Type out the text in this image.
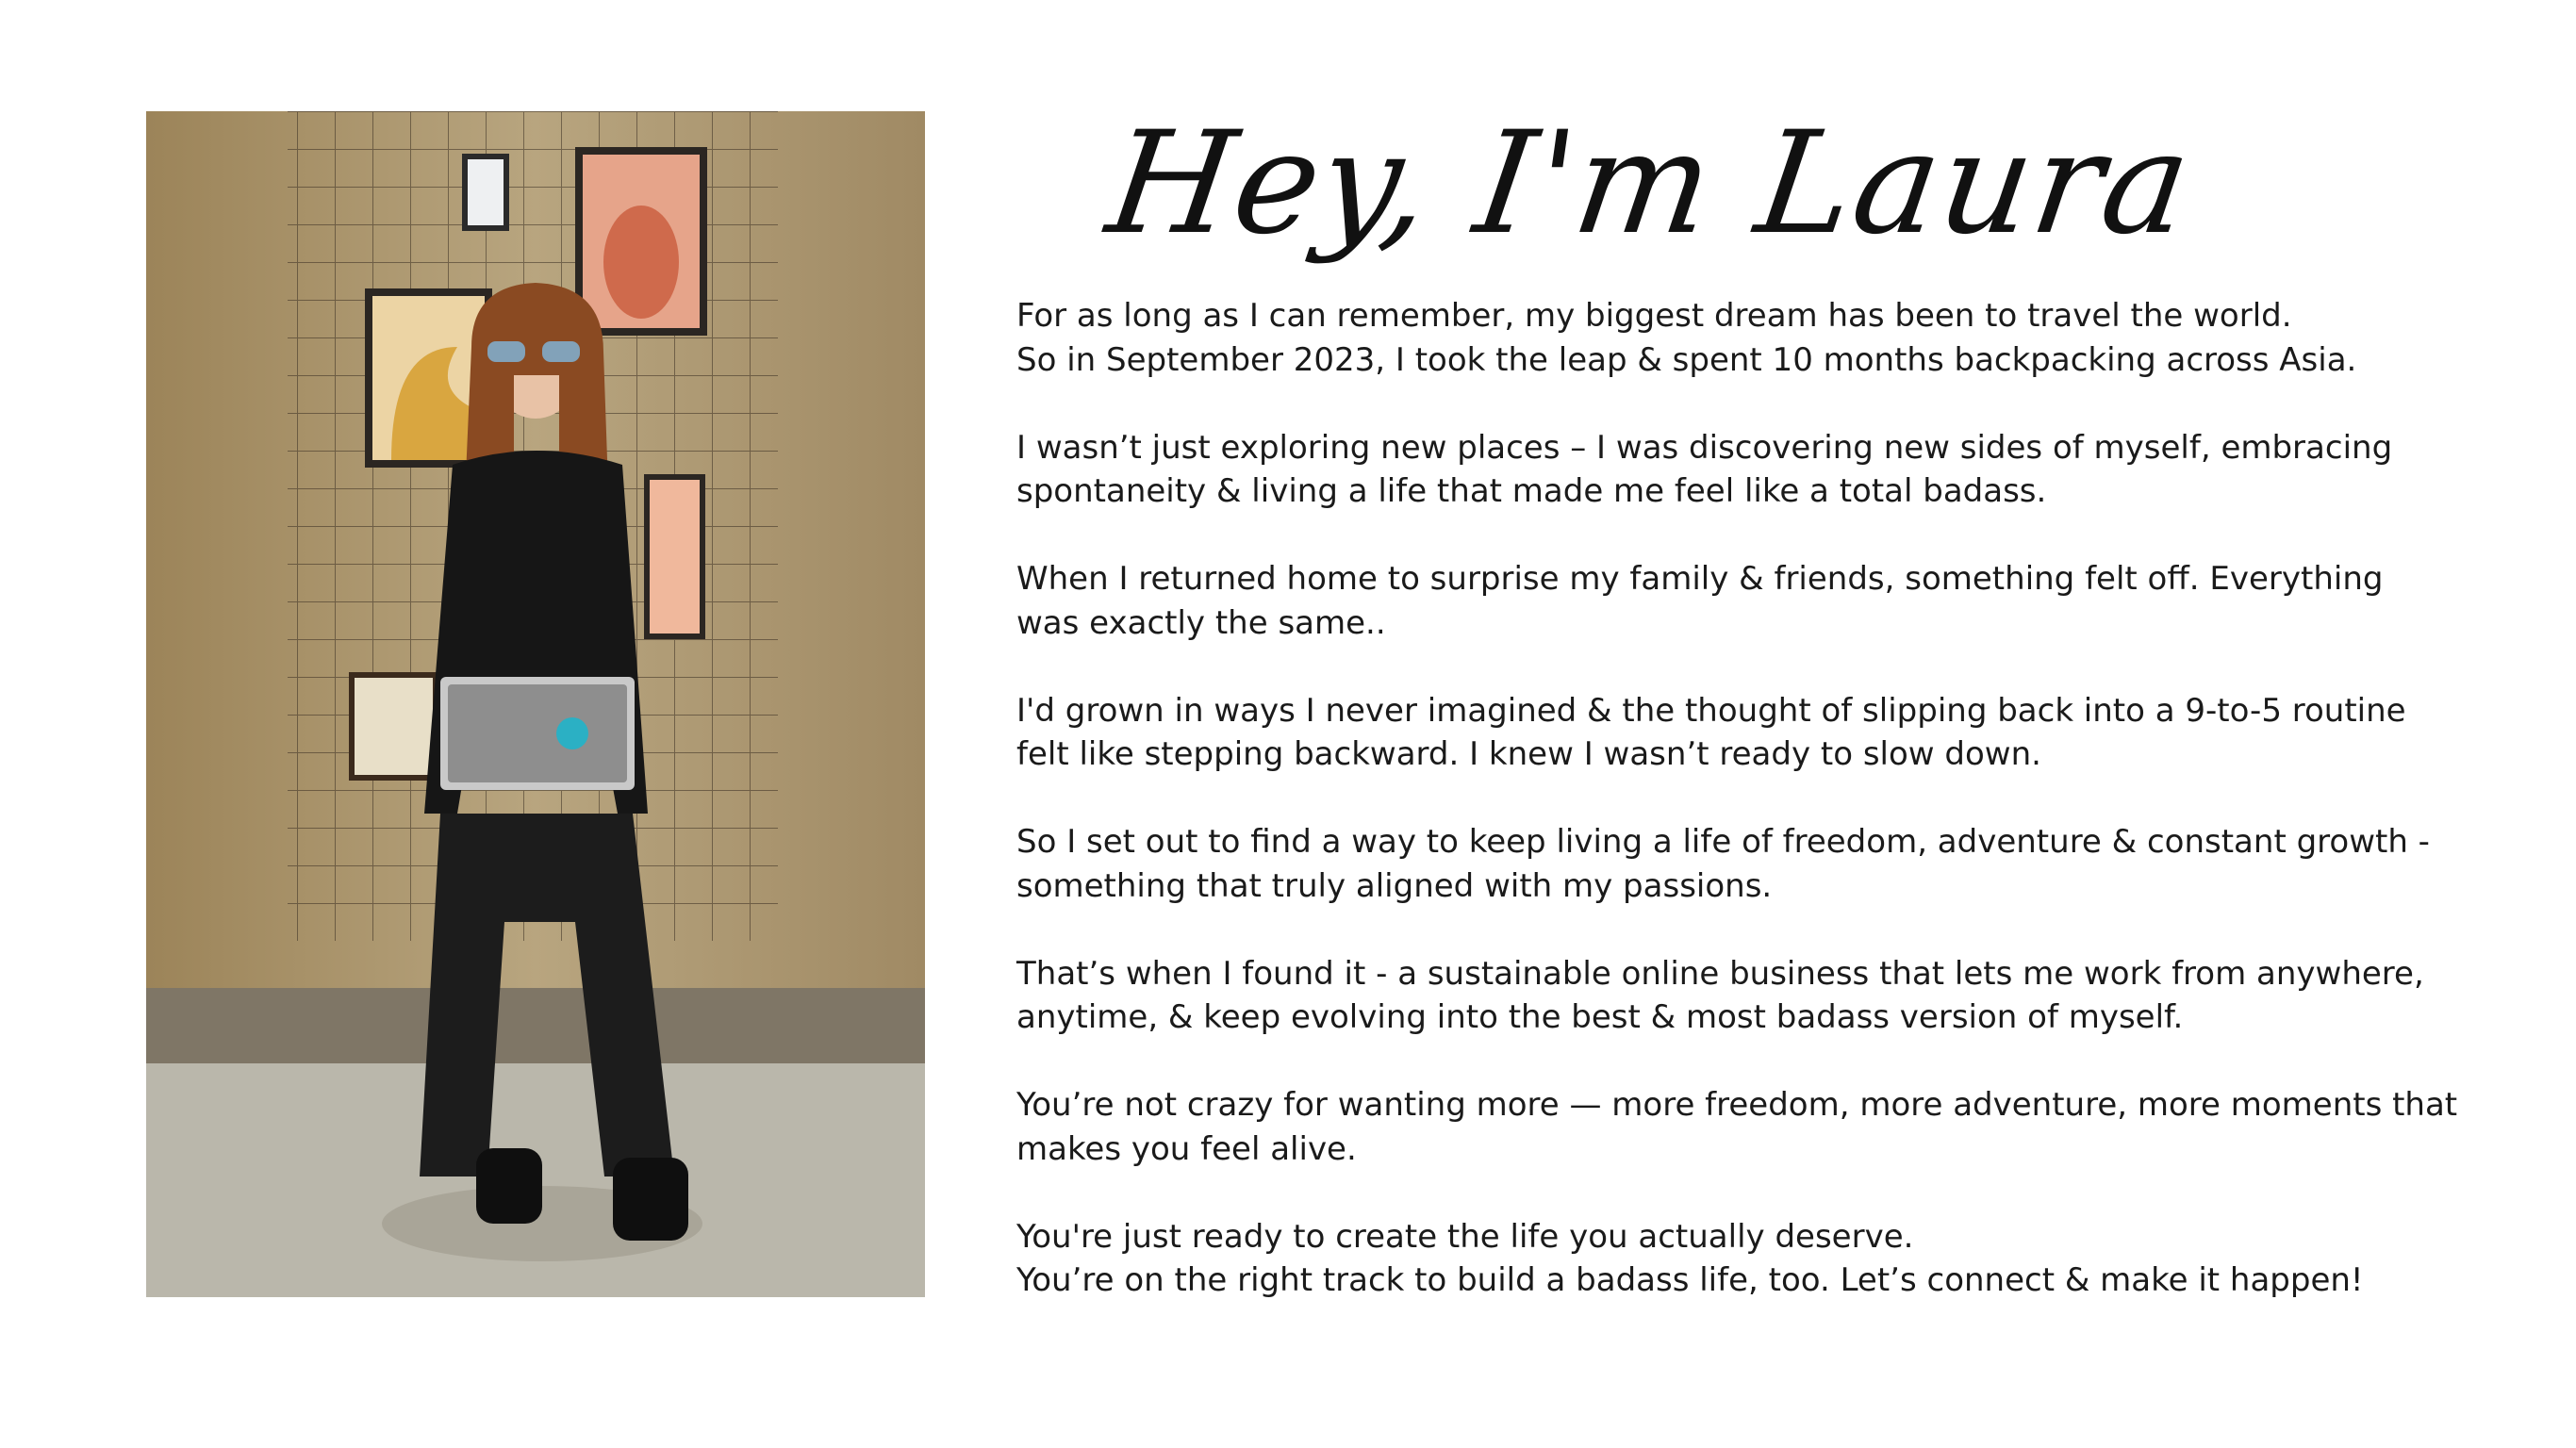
Hey, I'm Laura

For as long as I can remember, my biggest dream has been to travel the world.
So in September 2023, I took the leap & spent 10 months backpacking across Asia.

I wasn’t just exploring new places – I was discovering new sides of myself, embracing
spontaneity & living a life that made me feel like a total badass.

When I returned home to surprise my family & friends, something felt off. Everything
was exactly the same..

I'd grown in ways I never imagined & the thought of slipping back into a 9-to-5 routine
felt like stepping backward. I knew I wasn’t ready to slow down.

So I set out to find a way to keep living a life of freedom, adventure & constant growth -
something that truly aligned with my passions.

That’s when I found it - a sustainable online business that lets me work from anywhere,
anytime, & keep evolving into the best & most badass version of myself.

You’re not crazy for wanting more — more freedom, more adventure, more moments that
makes you feel alive.

You're just ready to create the life you actually deserve.
You’re on the right track to build a badass life, too. Let’s connect & make it happen!
